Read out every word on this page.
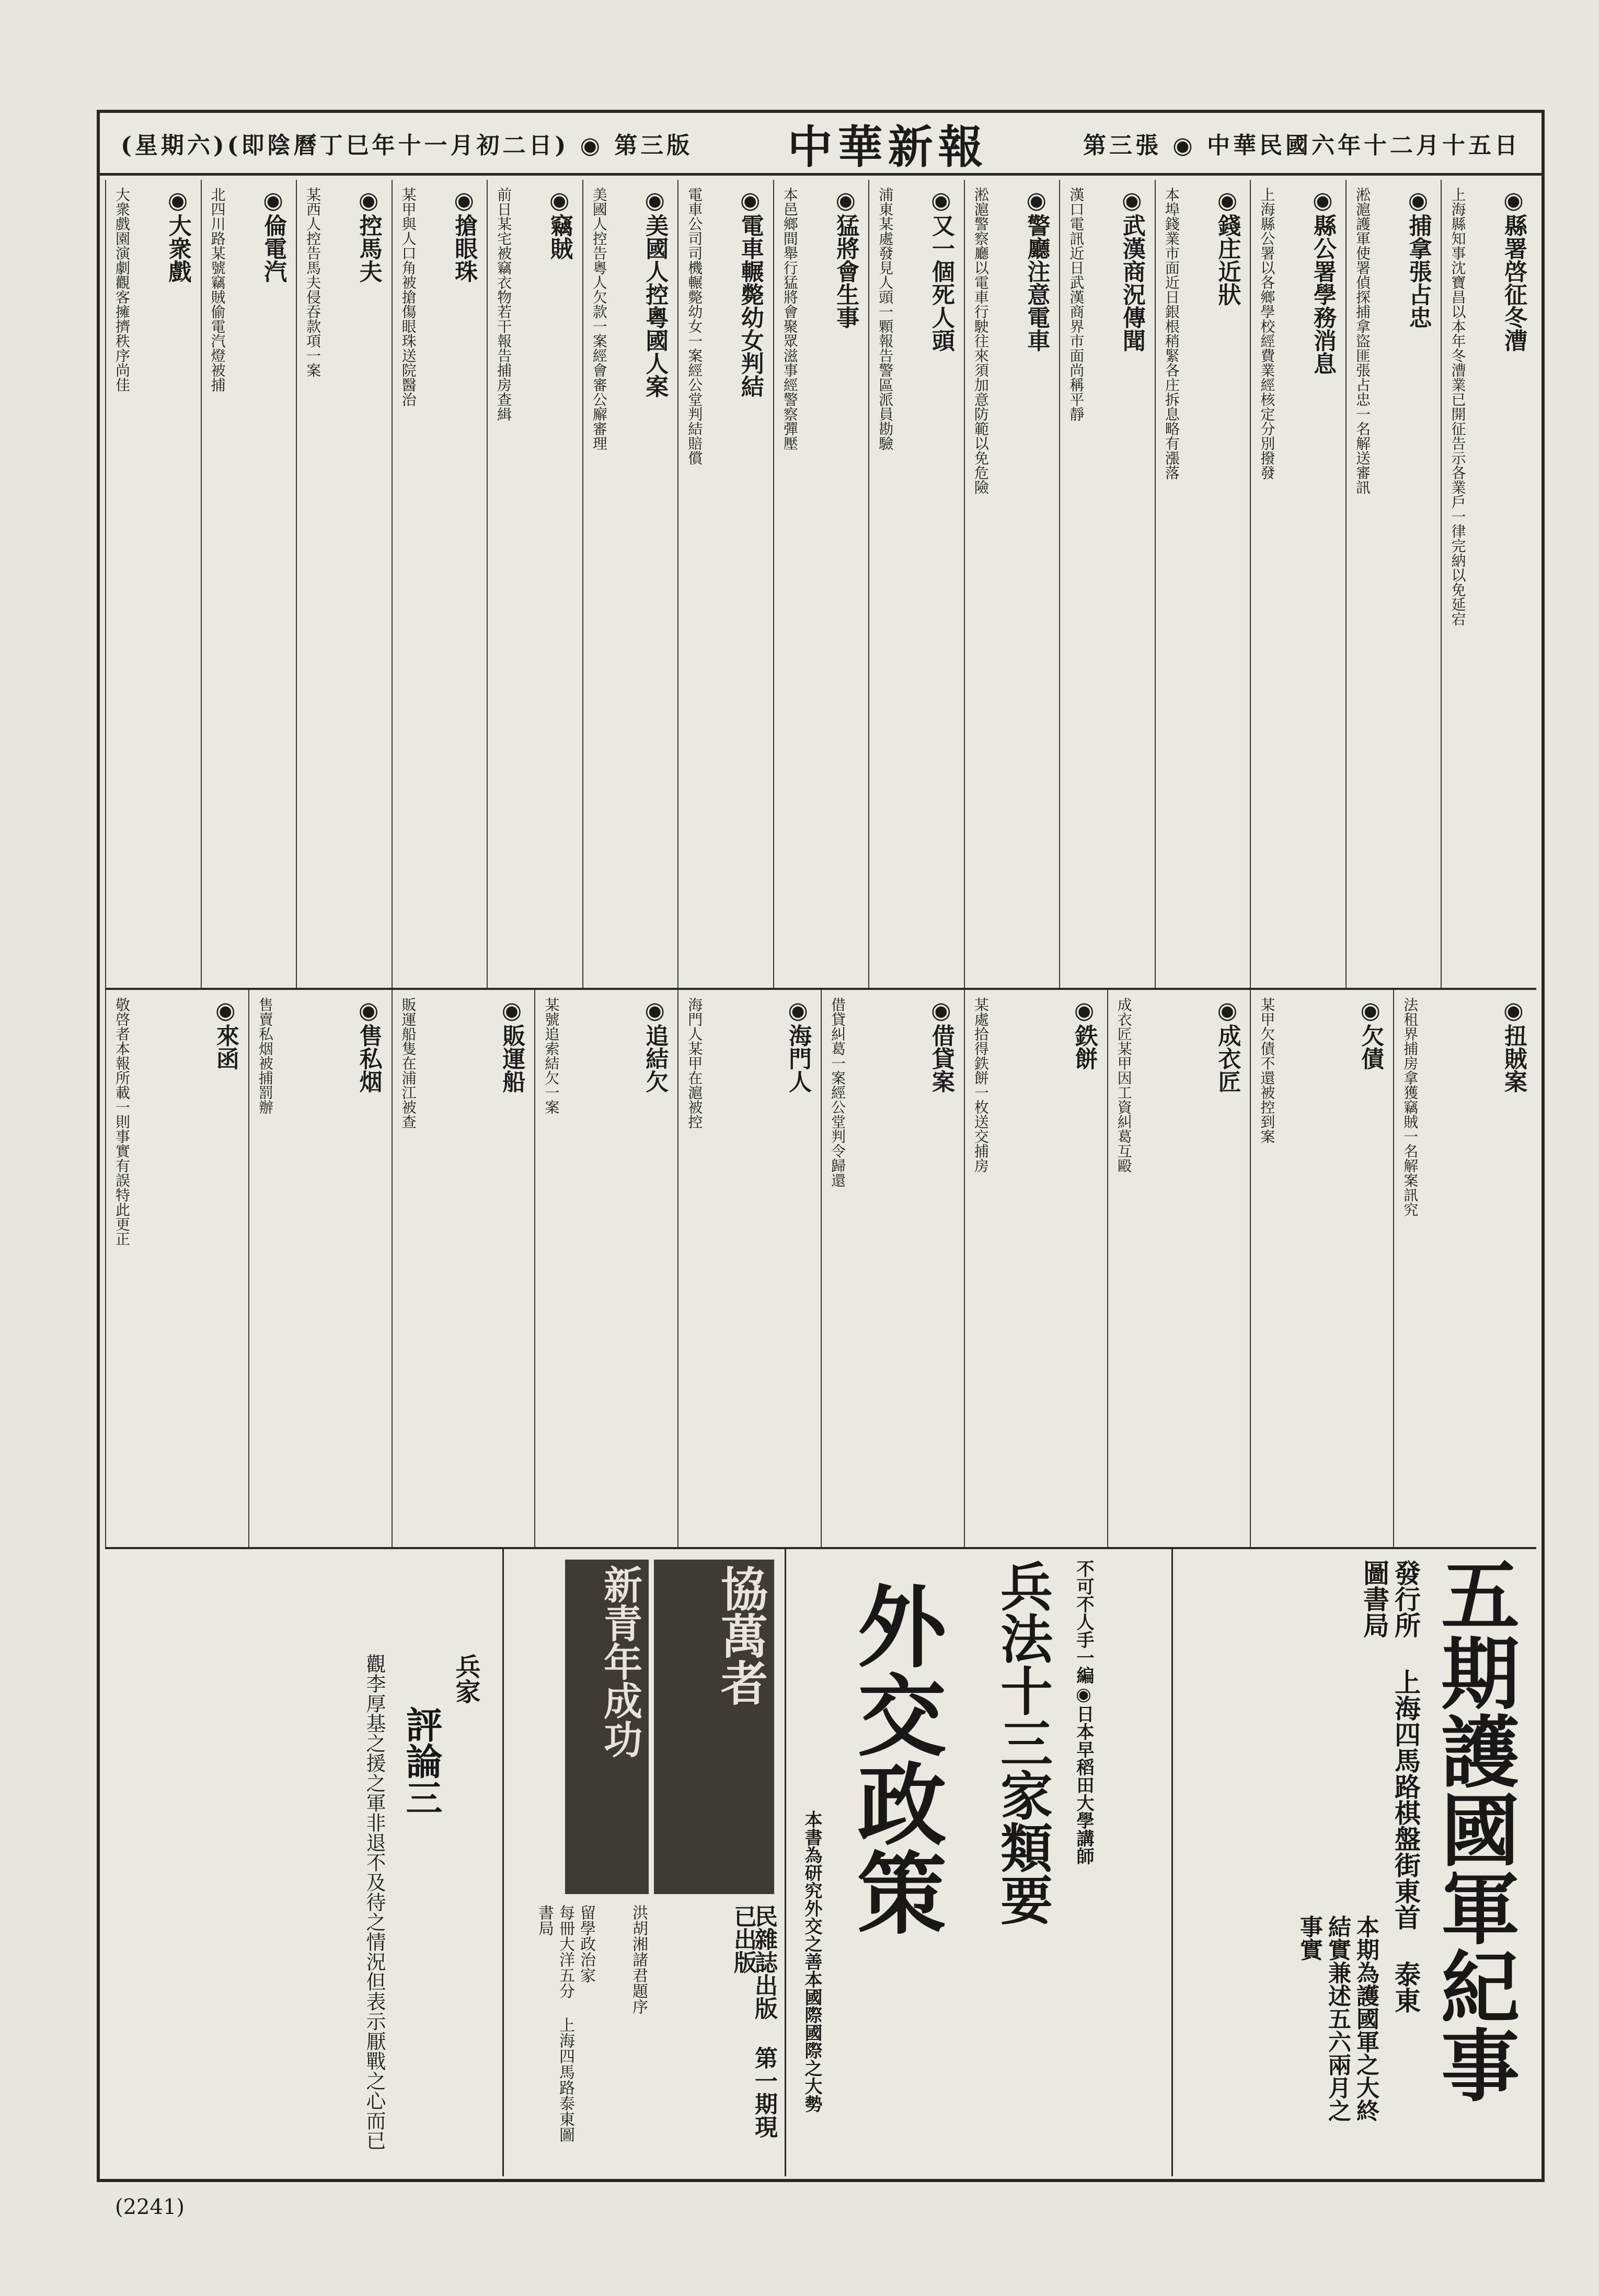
(星期六)(即陰曆丁巳年十一月初二日) ◉ 第三版 中華新報	第三張 ◉ 中華民國六年十二月十五日
◉縣署啓征冬漕
上海縣知事沈寶昌以本年冬漕業已開征告示各業戶一律完納以免延宕
◉捕拿張占忠
淞滬護軍使署偵探捕拿盜匪張占忠一名解送審訊
◉縣公署學務消息
上海縣公署以各鄉學校經費業經核定分別撥發
◉錢庄近狀
本埠錢業市面近日銀根稍緊各庄拆息略有漲落
◉武漢商況傳聞
漢口電訊近日武漢商界市面尚稱平靜
◉警廳注意電車
淞滬警察廳以電車行駛往來須加意防範以免危險
◉又一個死人頭
浦東某處發見人頭一顆報告警區派員勘驗
◉猛將會生事
本邑鄉間舉行猛將會聚眾滋事經警察彈壓
◉電車輾斃幼女判結
電車公司司機輾斃幼女一案經公堂判結賠償
◉美國人控粵國人案
美國人控告粵人欠款一案經會審公廨審理
◉竊賊
前日某宅被竊衣物若干報告捕房查緝
◉搶眼珠
某甲與人口角被搶傷眼珠送院醫治
◉控馬夫
某西人控告馬夫侵吞款項一案
◉倫電汽
北四川路某號竊賊偷電汽燈被捕
◉大衆戲
大衆戲園演劇觀客擁擠秩序尚佳
◉扭賊案
法租界捕房拿獲竊賊一名解案訊究
◉欠債
某甲欠債不還被控到案
◉成衣匠
成衣匠某甲因工資糾葛互毆
◉鉄餅
某處拾得鉄餅一枚送交捕房
◉借貸案
借貸糾葛一案經公堂判令歸還
◉海門人
海門人某甲在滬被控
◉追結欠
某號追索結欠一案
◉販運船
販運船隻在浦江被查
◉售私烟
售賣私烟被捕罰辦
◉來函
敬啓者本報所載一則事實有誤特此更正
五期護國軍紀事
發行所 上海四馬路棋盤街東首 泰東圖書局
本期為護國軍之大終結實兼述五六兩月之事實
兵法十三家類要 不可不人手一編◉日本早稻田大學講師
外交政策
本書為研究外交之善本國際國際之大勢
協萬者
新青年成功
民雜誌出版 第一期現已出版
洪胡湘諸君題序
留學政治家
每冊大洋五分 上海四馬路泰東圖書局
評論三
兵家
觀李厚基之援之軍非退不及待之情況但表示厭戰之心而已
(2241)
